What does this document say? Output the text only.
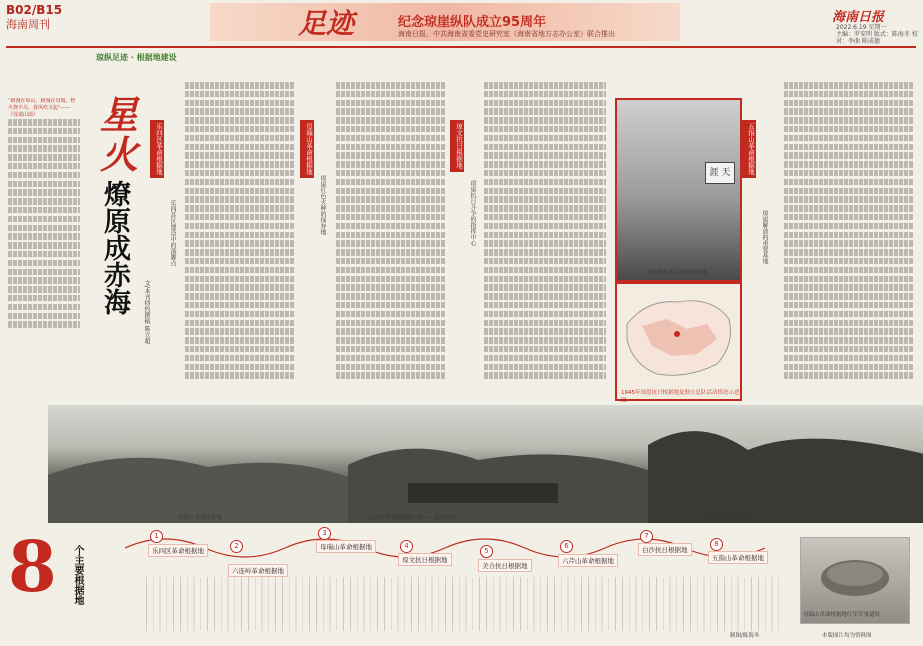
B02/B15
海南周刊	足迹	纪念琼崖纵队成立95周年
海南日报、中共海南省委党史研究室（海南省地方志办公室）联合推出
海南日报
2022.6.19 星期一
主编：罗安明 版式：陈海冬 校对：李曲 陈成德
琼纵足迹 · 根据地建设
“路漫在琼山，路漫在母瑞，野火烧不尽，春风吹又起”——《母瑞山颂》	星火
燎原成赤海 文/本刊特约撰稿 陈立超
乐四区革命根据地
乐四苏区建设中的落脚点
母瑞山革命根据地
琼崖红色火种的保存地
琼文抗日根据地
琼崖抗日斗争的指挥中心
五指山革命根据地
琼崖解放的重要基地
涯 天
琼崖纵队琼文抗日根据地
1945年琼崖抗日根据地及独立总队活动情况示意图
母瑞山革命根据地	五指山革命根据地一角——毛贵头村	美合抗日根据地
8 个主要根据地
1
乐四区革命根据地
2
六连岭革命根据地
3
母瑞山革命根据地	4
琼文抗日根据地
5
美合抗日根据地
6
六芹山革命根据地
7
白沙抗日根据地
8
五指山革命根据地
母瑞山革命根据地红军军事遗址
本版图片均为资料图
制图/陈海冬
